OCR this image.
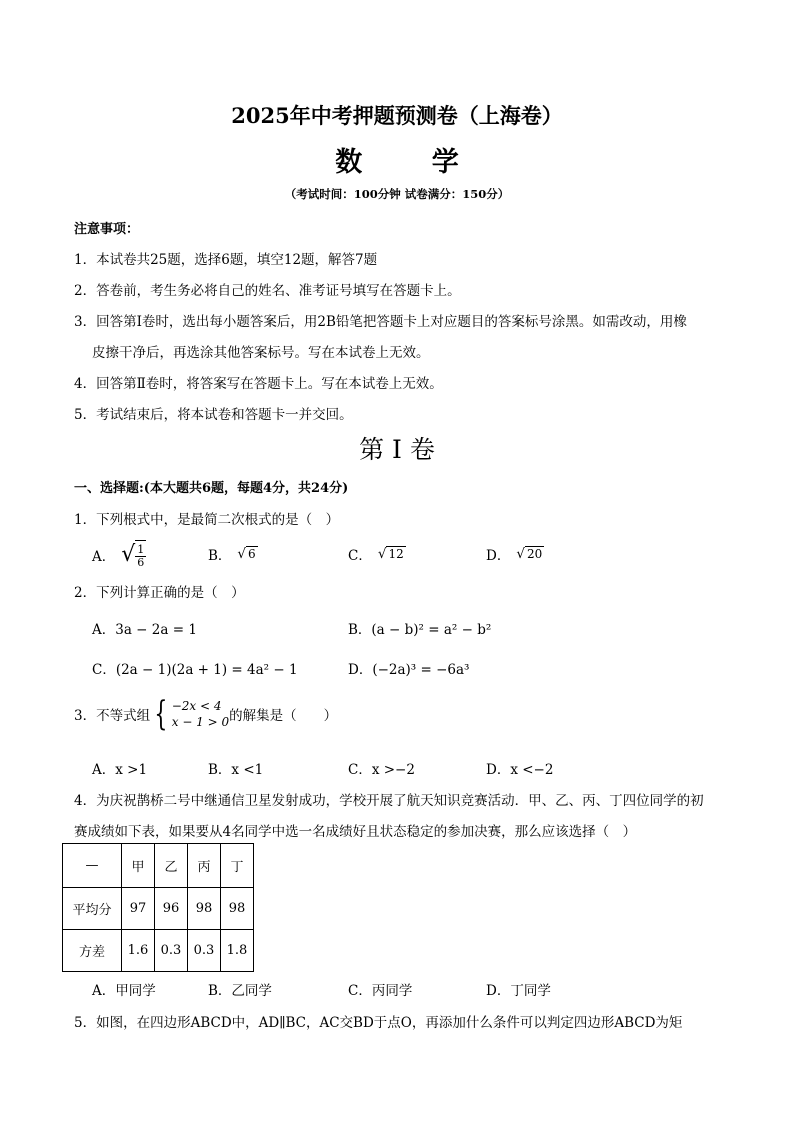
2025年中考押题预测卷（上海卷）
数 学
（考试时间：100分钟 试卷满分：150分）
注意事项：
1．本试卷共25题，选择6题，填空12题，解答7题
2．答卷前，考生务必将自己的姓名、准考证号填写在答题卡上。
3．回答第Ⅰ卷时，选出每小题答案后，用2B铅笔把答题卡上对应题目的答案标号涂黑。如需改动，用橡
皮擦干净后，再选涂其他答案标号。写在本试卷上无效。
4．回答第Ⅱ卷时，将答案写在答题卡上。写在本试卷上无效。
5．考试结束后，将本试卷和答题卡一并交回。
第 I 卷
一、选择题:(本大题共6题，每题4分，共24分)
1．下列根式中，是最简二次根式的是（　）
A． √ $\frac{1}{6}$	B． √ 6	C． √ 12	D． √ 20
2．下列计算正确的是（　）
A．3a − 2a = 1	B．(a − b)² = a² − b²
C．(2a − 1)(2a + 1) = 4a² − 1	D．(−2a)³ = −6a³
3．不等式组 { −2x < 4
x − 1 > 0 的解集是（　　）
A．x >1	B．x <1	C．x >−2	D．x <−2
4．为庆祝鹊桥二号中继通信卫星发射成功，学校开展了航天知识竞赛活动．甲、乙、丙、丁四位同学的初
赛成绩如下表，如果要从4名同学中选一名成绩好且状态稳定的参加决赛，那么应该选择（　）
—	甲	乙	丙	丁
平均分	97	96	98	98
方差	1.6	0.3	0.3	1.8
A．甲同学	B．乙同学	C．丙同学	D．丁同学
5．如图，在四边形ABCD中，AD∥BC，AC交BD于点O，再添加什么条件可以判定四边形ABCD为矩
